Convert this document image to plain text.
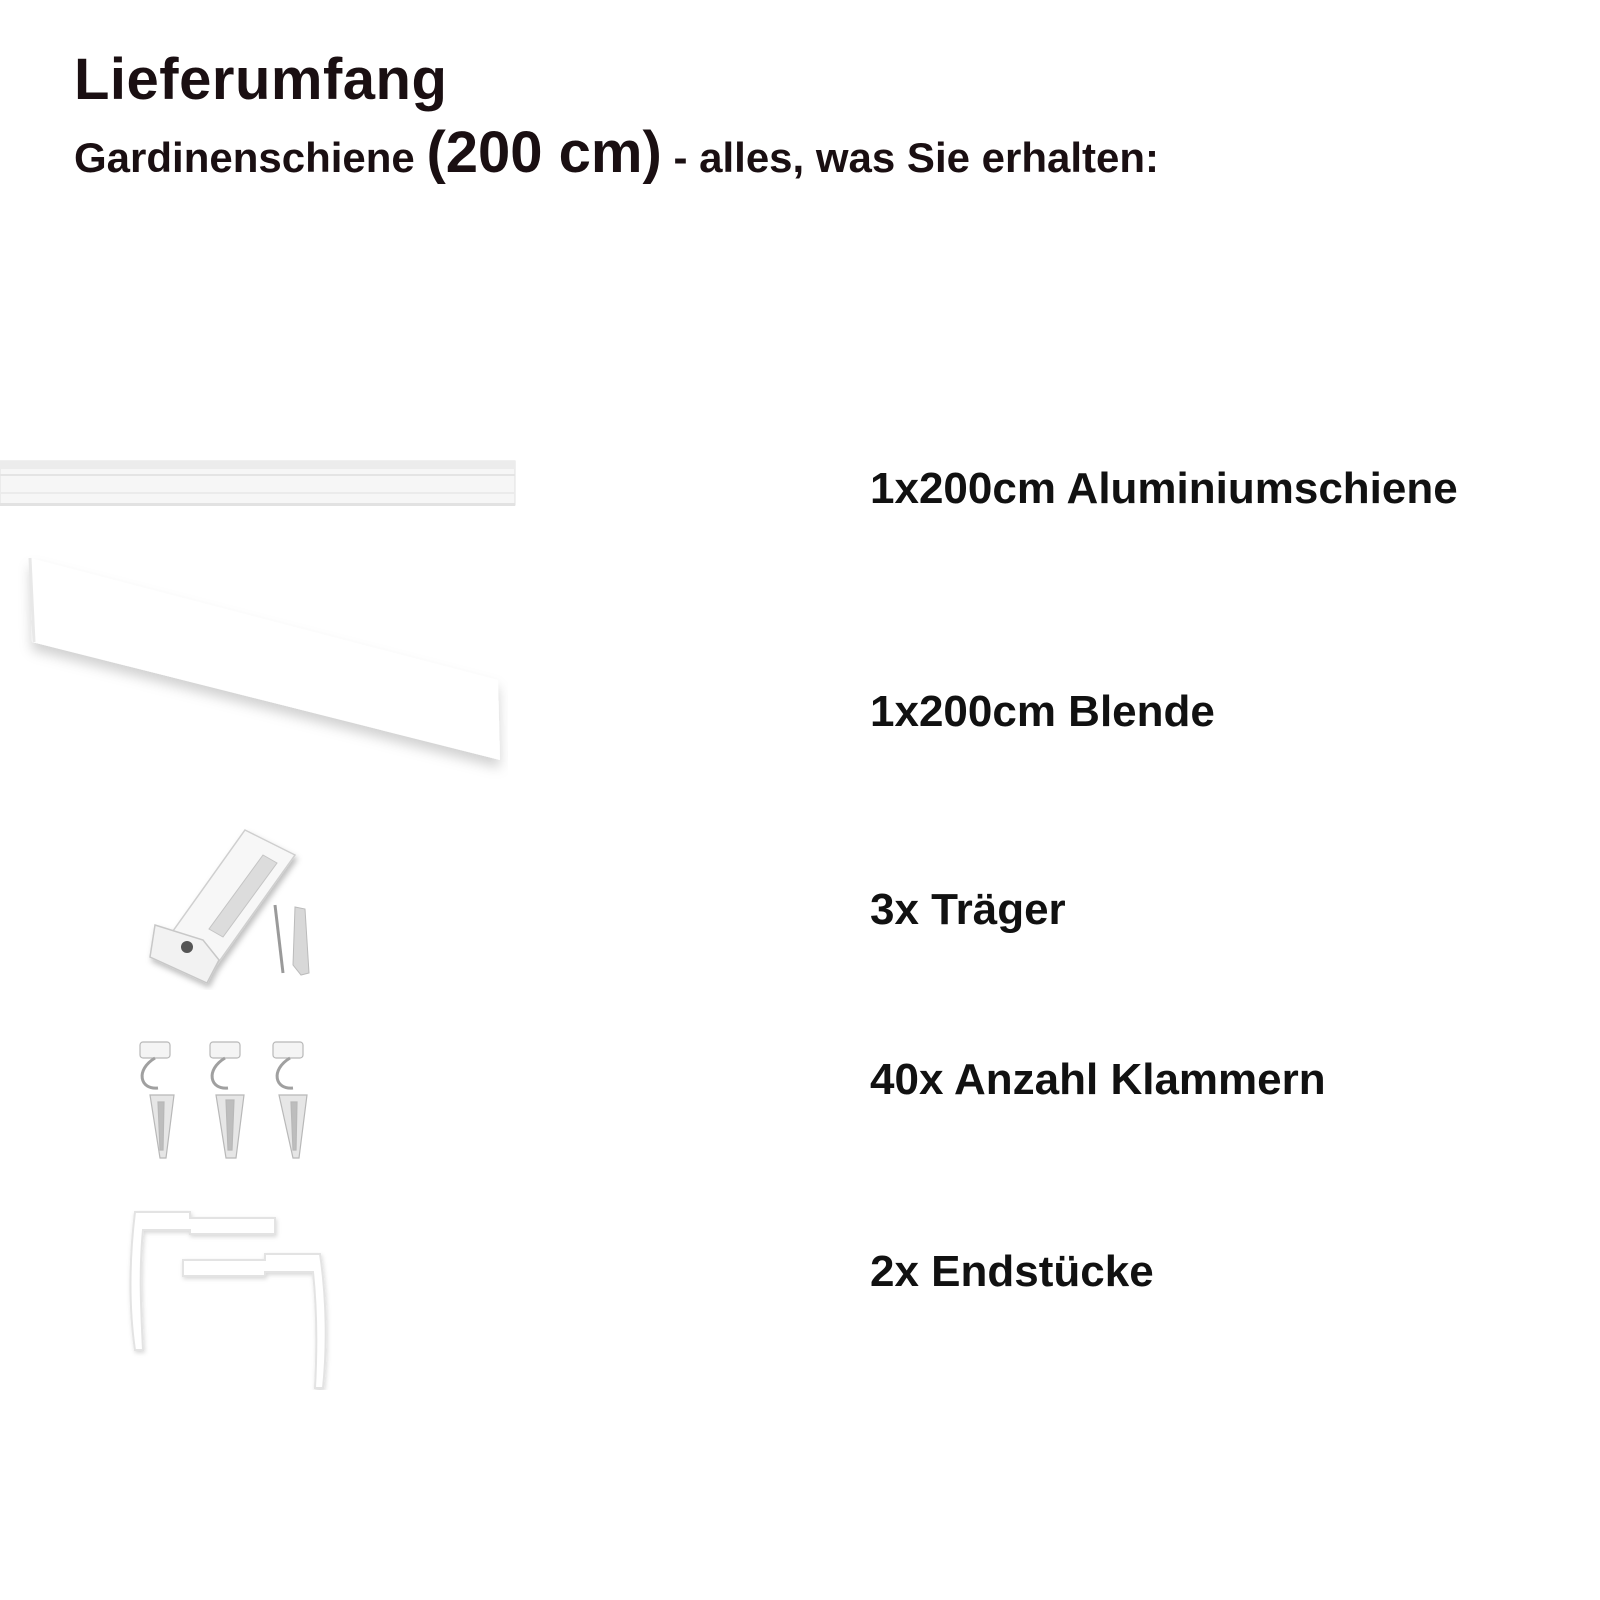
Lieferumfang

Gardinenschiene (200 cm) - alles, was Sie erhalten:

1x200cm Aluminiumschiene

1x200cm Blende

3x Träger

40x Anzahl Klammern

2x Endstücke
